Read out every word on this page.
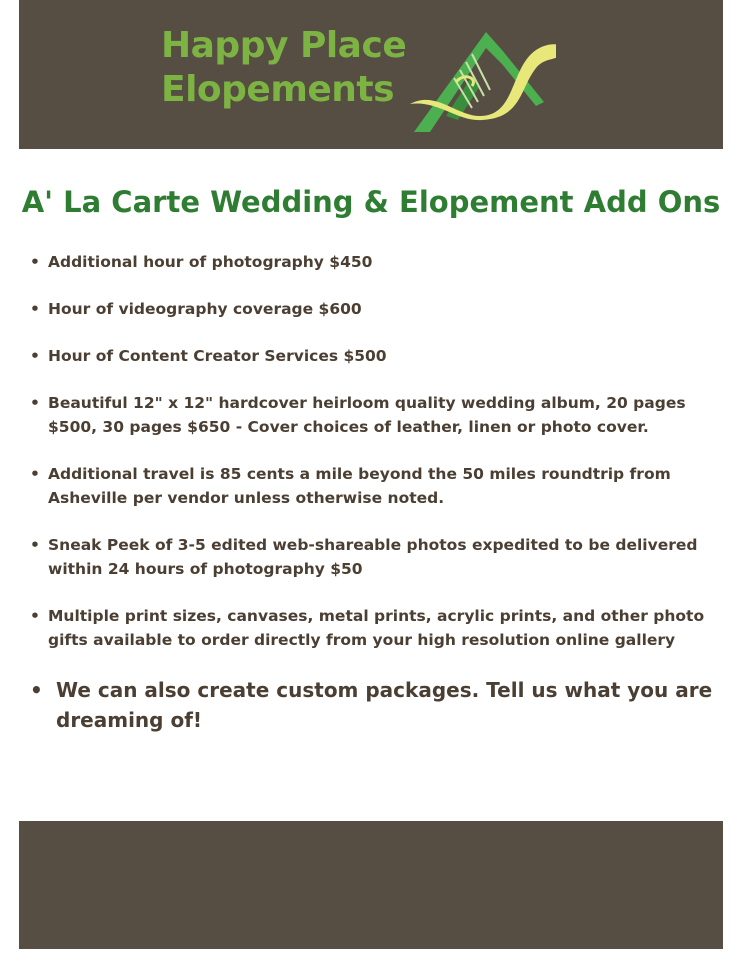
Happy Place
Elopements
A' La Carte Wedding & Elopement Add Ons
• Additional hour of photography $450
• Hour of videography coverage $600
• Hour of Content Creator Services $500
• Beautiful 12" x 12" hardcover heirloom quality wedding album, 20 pages $500, 30 pages $650 - Cover choices of leather, linen or photo cover.
• Additional travel is 85 cents a mile beyond the 50 miles roundtrip from Asheville per vendor unless otherwise noted.
• Sneak Peek of 3-5 edited web-shareable photos expedited to be delivered within 24 hours of photography $50
• Multiple print sizes, canvases, metal prints, acrylic prints, and other photo gifts available to order directly from your high resolution online gallery
• We can also create custom packages. Tell us what you are dreaming of!
